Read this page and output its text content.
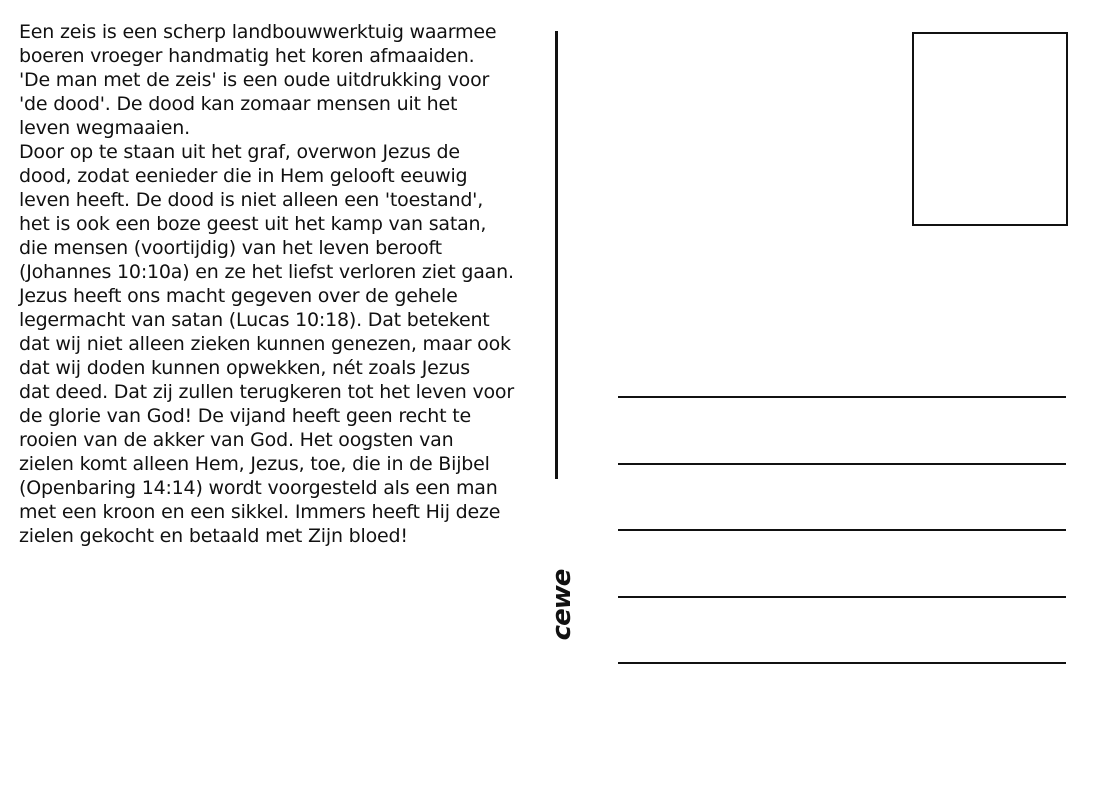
Een zeis is een scherp landbouwwerktuig waarmee
boeren vroeger handmatig het koren afmaaiden.
'De man met de zeis' is een oude uitdrukking voor
'de dood'. De dood kan zomaar mensen uit het
leven wegmaaien.
Door op te staan uit het graf, overwon Jezus de
dood, zodat eenieder die in Hem gelooft eeuwig
leven heeft. De dood is niet alleen een 'toestand',
het is ook een boze geest uit het kamp van satan,
die mensen (voortijdig) van het leven berooft
(Johannes 10:10a) en ze het liefst verloren ziet gaan.
Jezus heeft ons macht gegeven over de gehele
legermacht van satan (Lucas 10:18). Dat betekent
dat wij niet alleen zieken kunnen genezen, maar ook
dat wij doden kunnen opwekken, nét zoals Jezus
dat deed. Dat zij zullen terugkeren tot het leven voor
de glorie van God! De vijand heeft geen recht te
rooien van de akker van God. Het oogsten van
zielen komt alleen Hem, Jezus, toe, die in de Bijbel
(Openbaring 14:14) wordt voorgesteld als een man
met een kroon en een sikkel. Immers heeft Hij deze
zielen gekocht en betaald met Zijn bloed!
cewe
